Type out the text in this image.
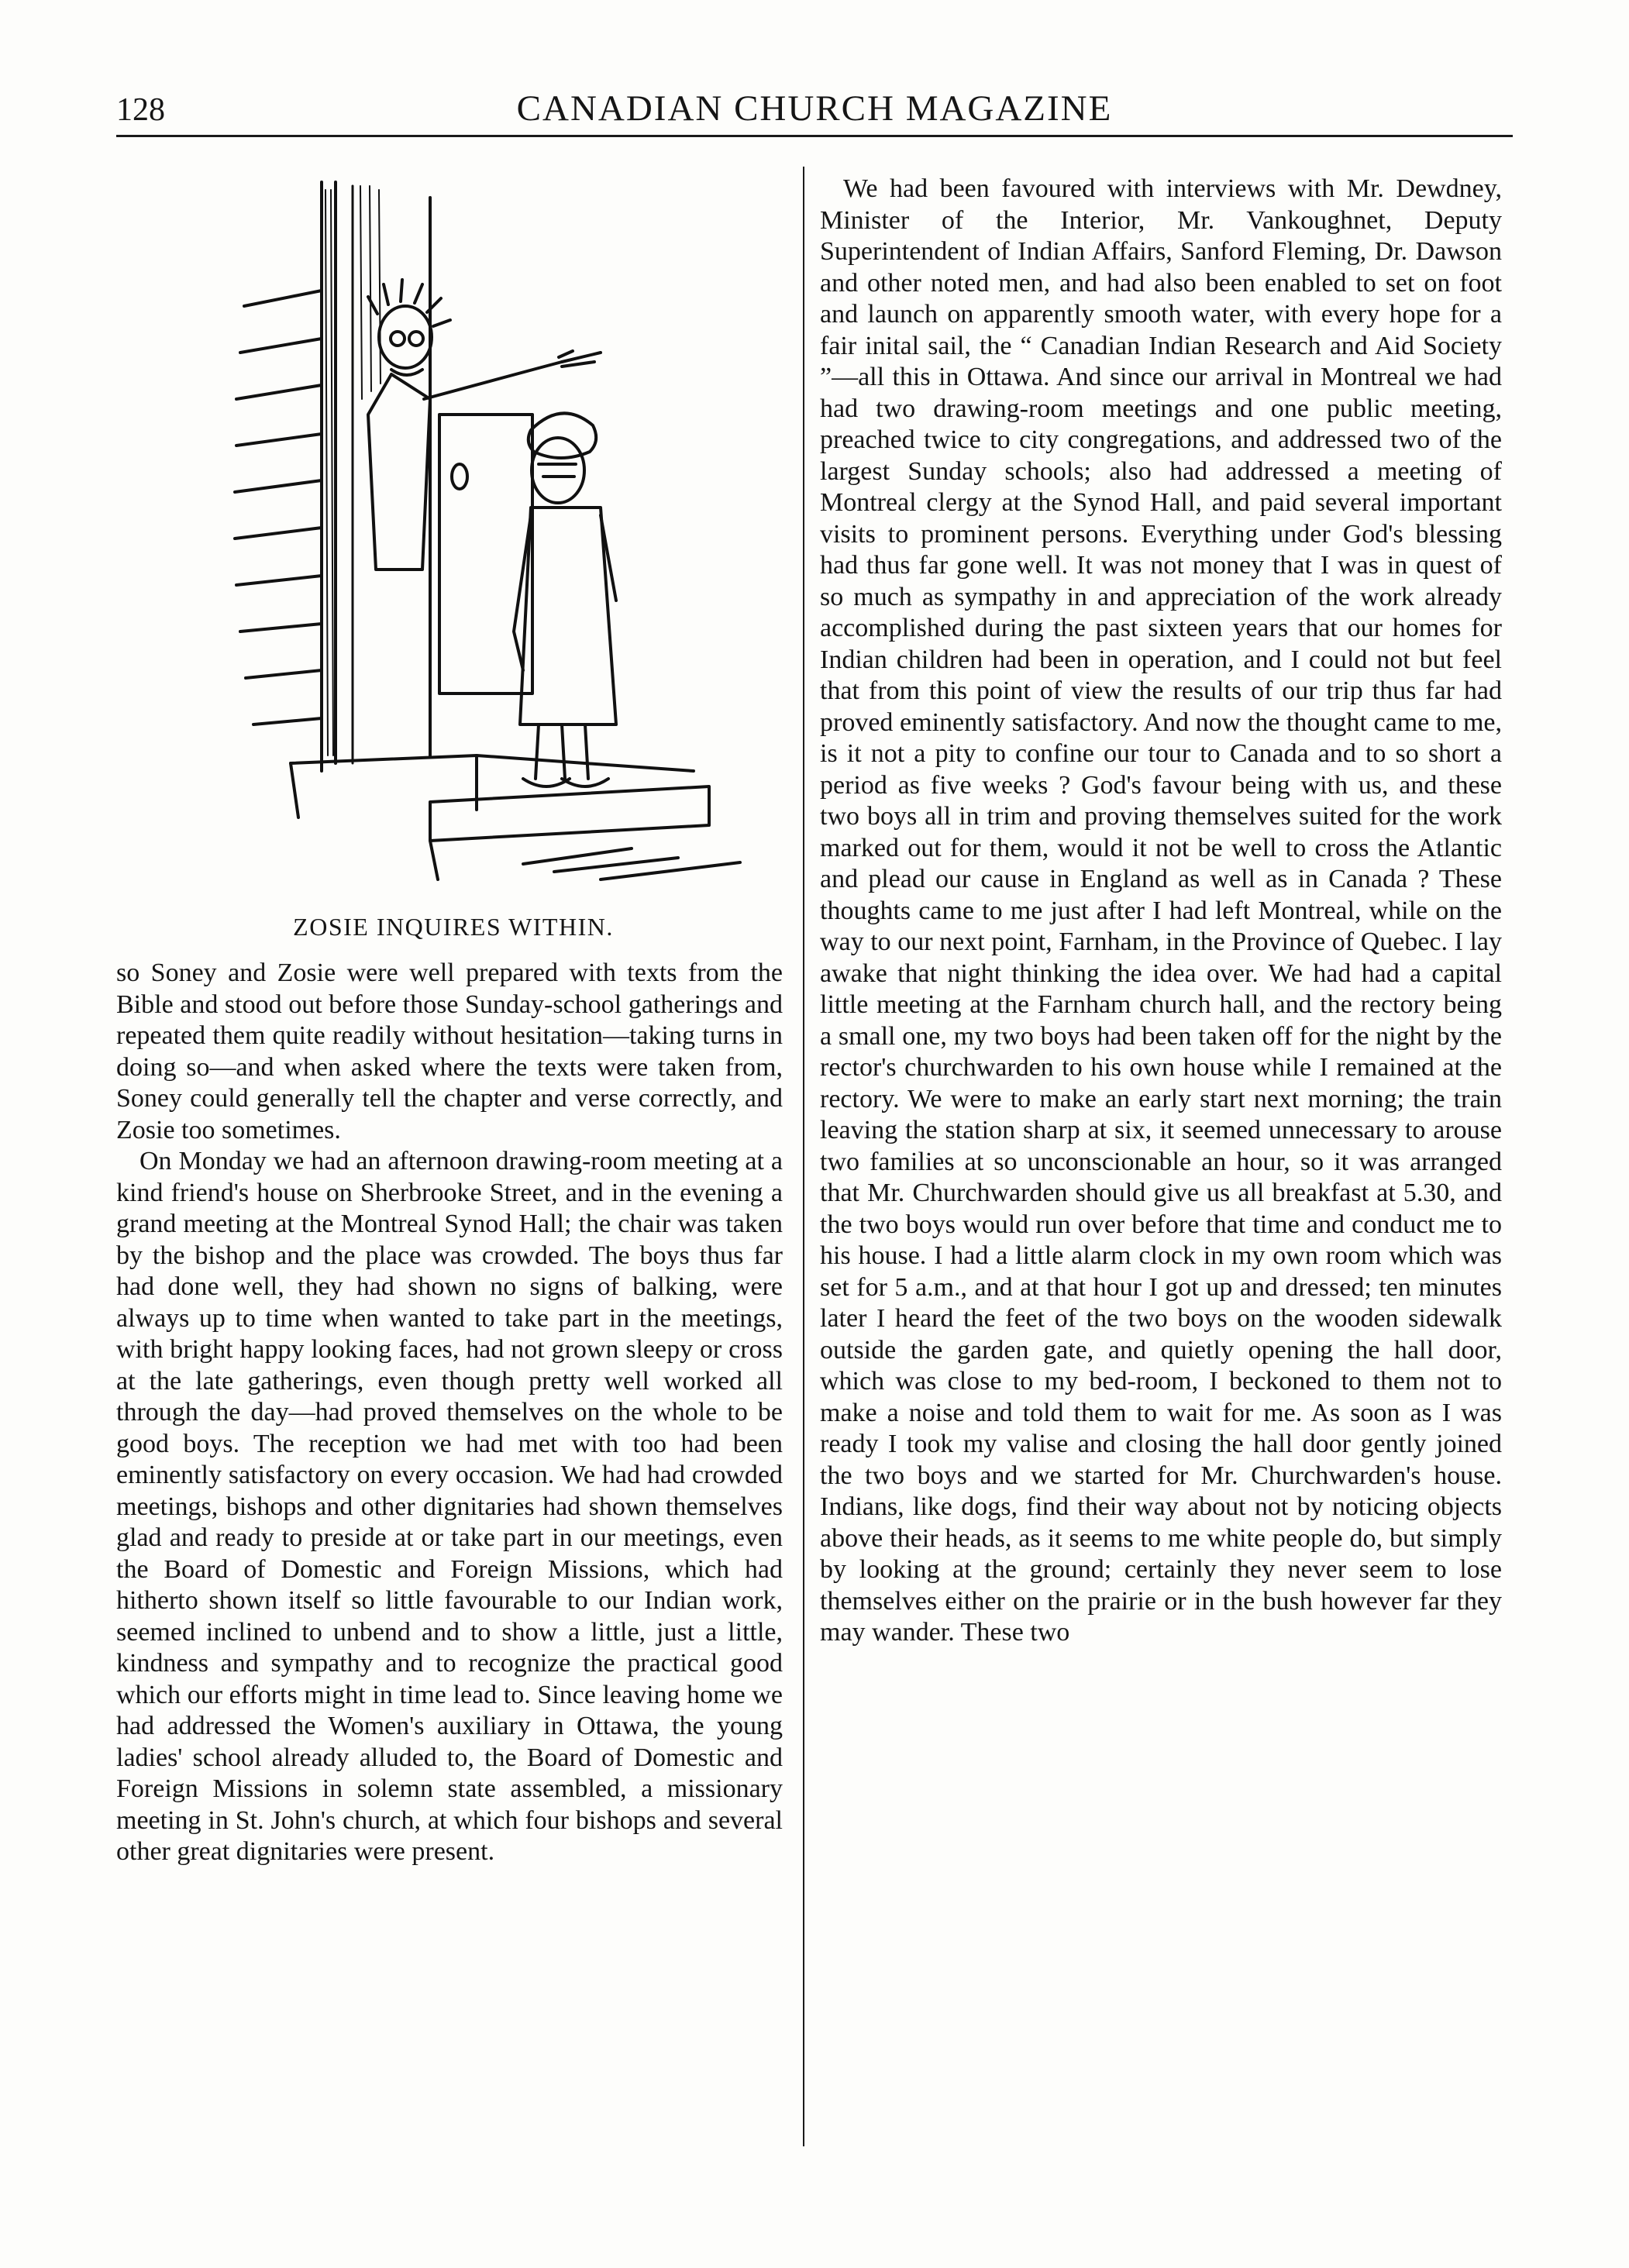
128	CANADIAN CHURCH MAGAZINE
ZOSIE INQUIRES WITHIN.

so Soney and Zosie were well prepared with texts from the Bible and stood out before those Sunday-school gatherings and repeated them quite readily without hesitation—taking turns in doing so—and when asked where the texts were taken from, Soney could generally tell the chapter and verse correctly, and Zosie too sometimes.

On Monday we had an afternoon drawing-room meeting at a kind friend's house on Sherbrooke Street, and in the evening a grand meeting at the Montreal Synod Hall; the chair was taken by the bishop and the place was crowded. The boys thus far had done well, they had shown no signs of balking, were always up to time when wanted to take part in the meetings, with bright happy looking faces, had not grown sleepy or cross at the late gatherings, even though pretty well worked all through the day—had proved themselves on the whole to be good boys. The reception we had met with too had been eminently satisfactory on every occasion. We had had crowded meetings, bishops and other dignitaries had shown themselves glad and ready to preside at or take part in our meetings, even the Board of Domestic and Foreign Missions, which had hitherto shown itself so little favourable to our Indian work, seemed inclined to unbend and to show a little, just a little, kindness and sympathy and to recognize the practical good which our efforts might in time lead to. Since leaving home we had addressed the Women's auxiliary in Ottawa, the young ladies' school already alluded to, the Board of Domestic and Foreign Missions in solemn state assembled, a missionary meeting in St. John's church, at which four bishops and several other great dignitaries were present.

We had been favoured with interviews with Mr. Dewdney, Minister of the Interior, Mr. Vankoughnet, Deputy Superintendent of Indian Affairs, Sanford Fleming, Dr. Dawson and other noted men, and had also been enabled to set on foot and launch on apparently smooth water, with every hope for a fair inital sail, the “ Canadian Indian Research and Aid Society ”—all this in Ottawa. And since our arrival in Montreal we had had two drawing-room meetings and one public meeting, preached twice to city congregations, and addressed two of the largest Sunday schools; also had addressed a meeting of Montreal clergy at the Synod Hall, and paid several important visits to prominent persons. Everything under God's blessing had thus far gone well. It was not money that I was in quest of so much as sympathy in and appreciation of the work already accomplished during the past sixteen years that our homes for Indian children had been in operation, and I could not but feel that from this point of view the results of our trip thus far had proved eminently satisfactory. And now the thought came to me, is it not a pity to confine our tour to Canada and to so short a period as five weeks ? God's favour being with us, and these two boys all in trim and proving themselves suited for the work marked out for them, would it not be well to cross the Atlantic and plead our cause in England as well as in Canada ? These thoughts came to me just after I had left Montreal, while on the way to our next point, Farnham, in the Province of Quebec. I lay awake that night thinking the idea over. We had had a capital little meeting at the Farnham church hall, and the rectory being a small one, my two boys had been taken off for the night by the rector's churchwarden to his own house while I remained at the rectory. We were to make an early start next morning; the train leaving the station sharp at six, it seemed unnecessary to arouse two families at so unconscionable an hour, so it was arranged that Mr. Churchwarden should give us all breakfast at 5.30, and the two boys would run over before that time and conduct me to his house. I had a little alarm clock in my own room which was set for 5 a.m., and at that hour I got up and dressed; ten minutes later I heard the feet of the two boys on the wooden sidewalk outside the garden gate, and quietly opening the hall door, which was close to my bed-room, I beckoned to them not to make a noise and told them to wait for me. As soon as I was ready I took my valise and closing the hall door gently joined the two boys and we started for Mr. Churchwarden's house. Indians, like dogs, find their way about not by noticing objects above their heads, as it seems to me white people do, but simply by looking at the ground; certainly they never seem to lose themselves either on the prairie or in the bush however far they may wander. These two
